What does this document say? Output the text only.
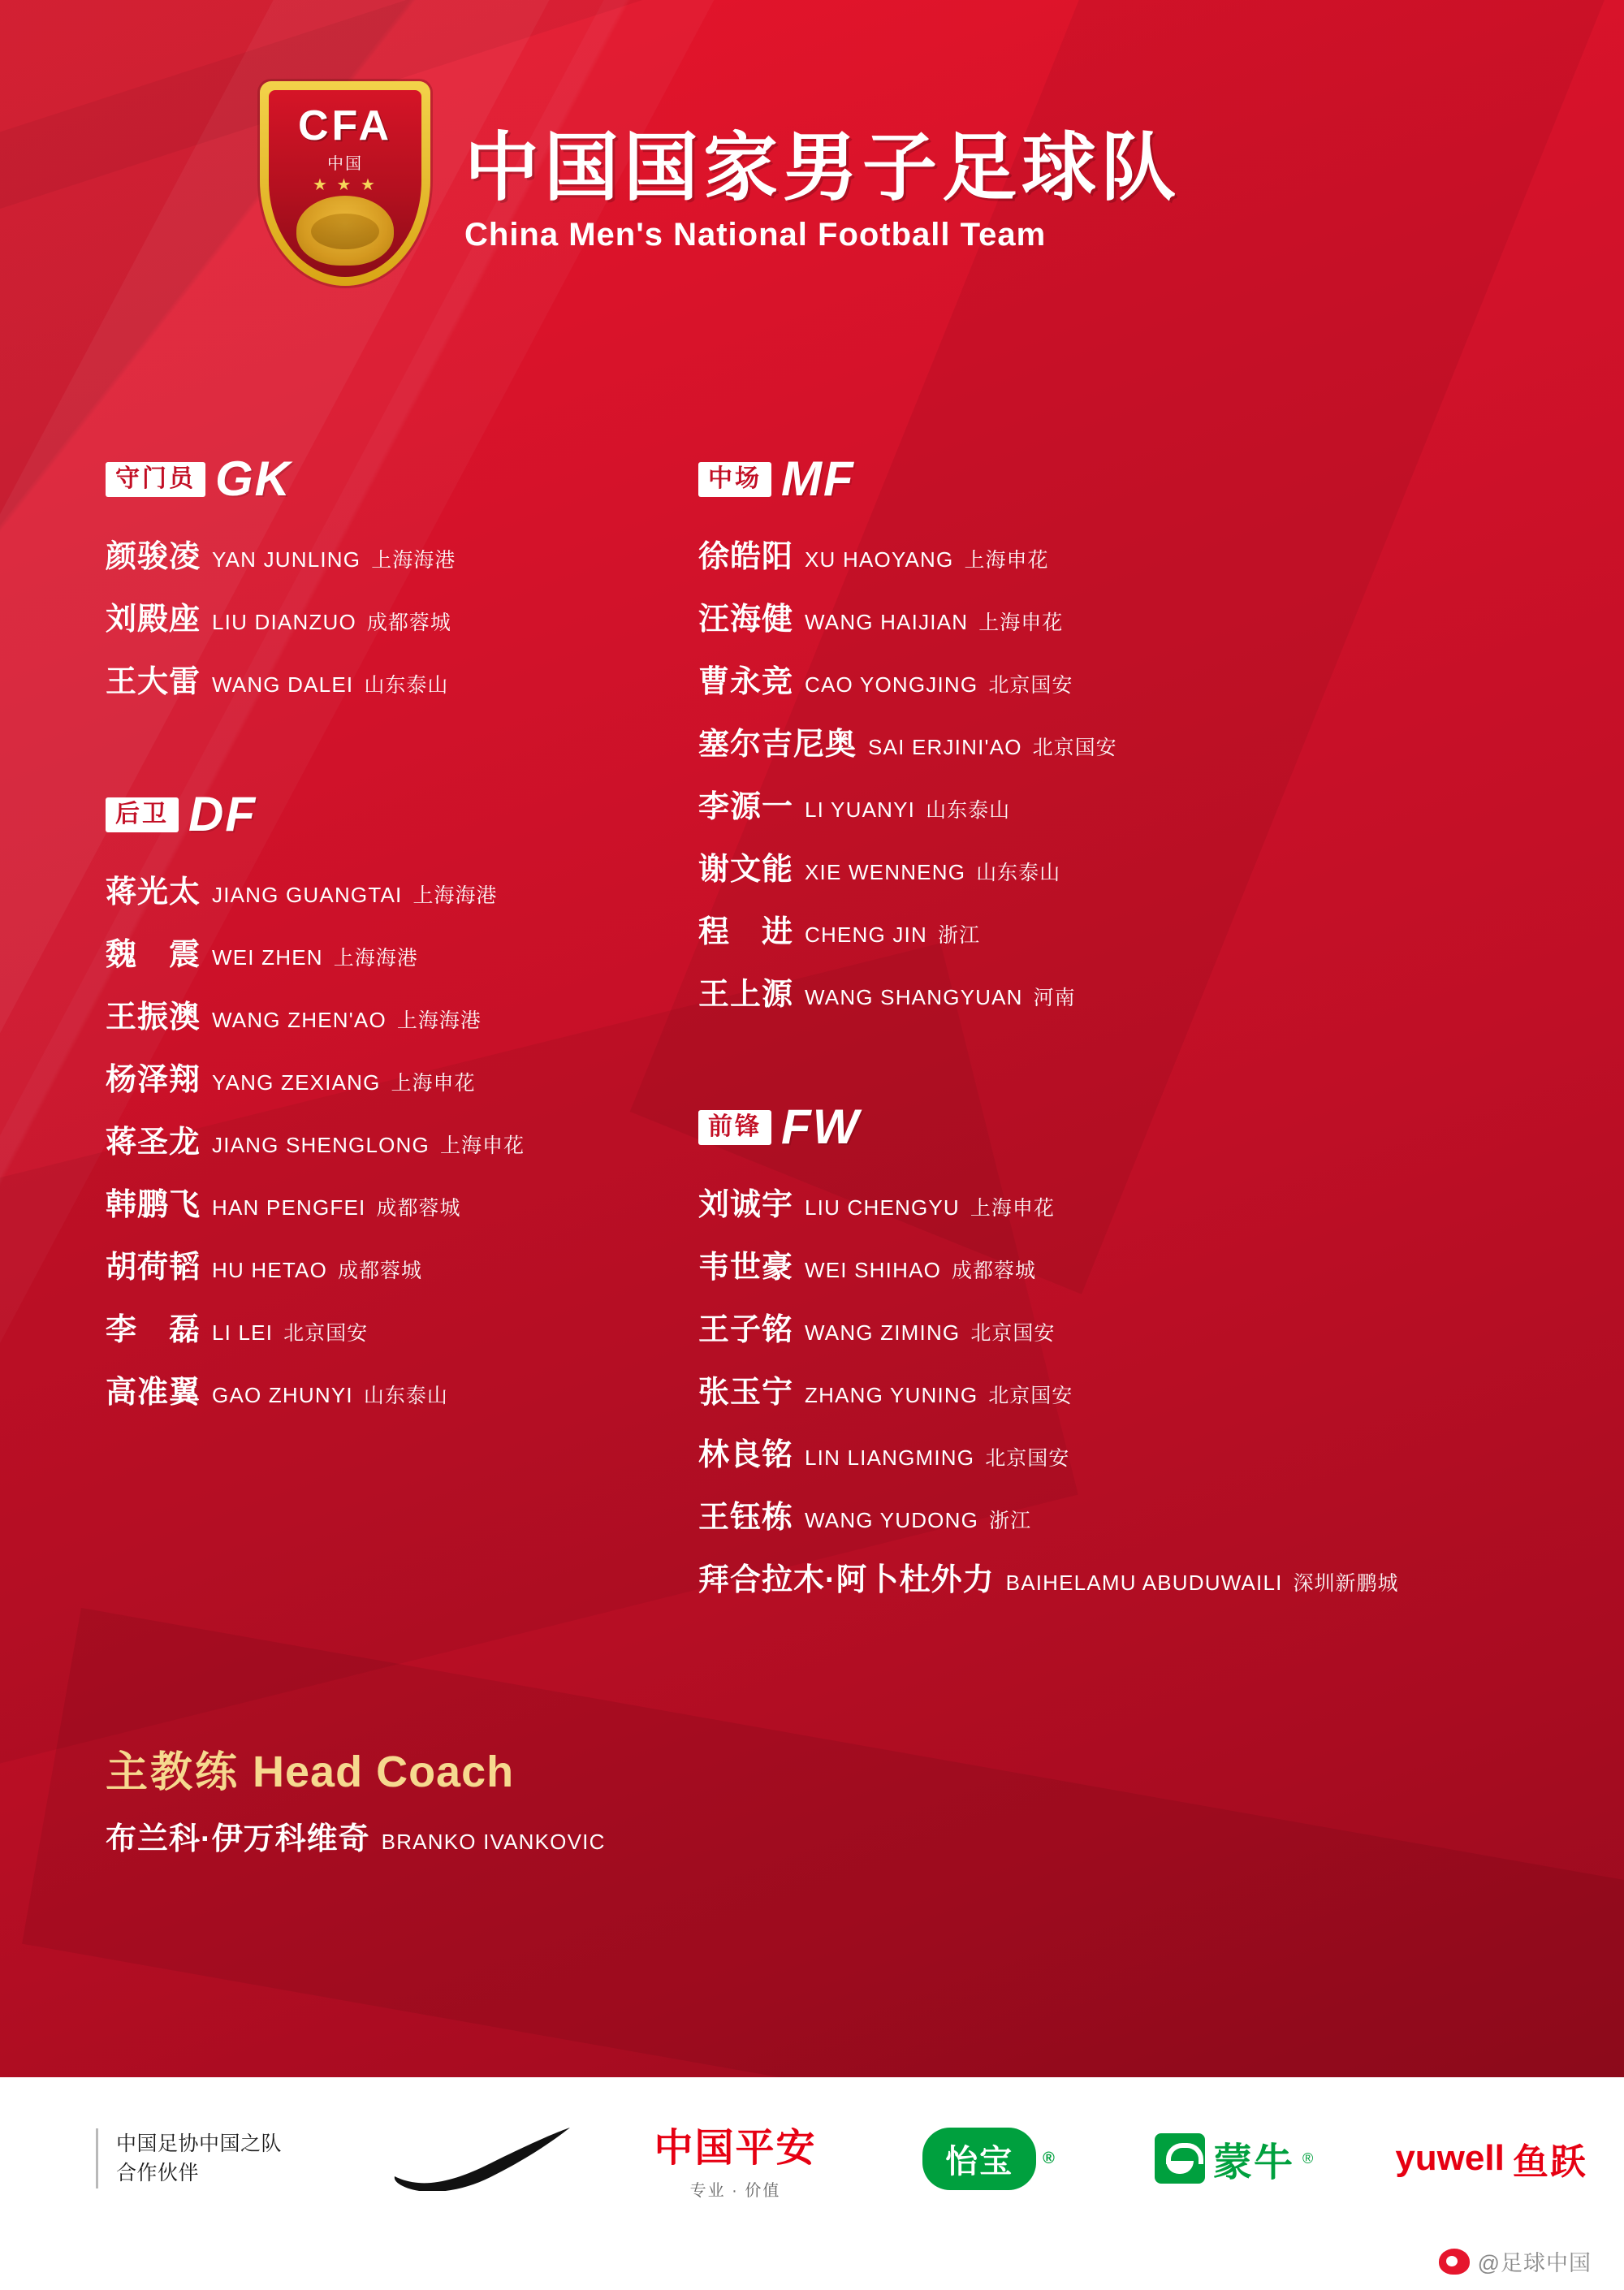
CFA
中国
★ ★ ★	中国国家男子足球队
China Men's National Football Team
守门员 GK
颜骏凌 YAN JUNLING 上海海港
刘殿座 LIU DIANZUO 成都蓉城
王大雷 WANG DALEI 山东泰山
后卫 DF
蒋光太 JIANG GUANGTAI 上海海港
魏　震 WEI ZHEN 上海海港
王振澳 WANG ZHEN'AO 上海海港
杨泽翔 YANG ZEXIANG 上海申花
蒋圣龙 JIANG SHENGLONG 上海申花
韩鹏飞 HAN PENGFEI 成都蓉城
胡荷韬 HU HETAO 成都蓉城
李　磊 LI LEI 北京国安
高准翼 GAO ZHUNYI 山东泰山
中场 MF
徐皓阳 XU HAOYANG 上海申花
汪海健 WANG HAIJIAN 上海申花
曹永竞 CAO YONGJING 北京国安
塞尔吉尼奥 SAI ERJINI'AO 北京国安
李源一 LI YUANYI 山东泰山
谢文能 XIE WENNENG 山东泰山
程　进 CHENG JIN 浙江
王上源 WANG SHANGYUAN 河南
前锋 FW
刘诚宇 LIU CHENGYU 上海申花
韦世豪 WEI SHIHAO 成都蓉城
王子铭 WANG ZIMING 北京国安
张玉宁 ZHANG YUNING 北京国安
林良铭 LIN LIANGMING 北京国安
王钰栋 WANG YUDONG 浙江
拜合拉木·阿卜杜外力 BAIHELAMU ABUDUWAILI 深圳新鹏城
主教练 Head Coach
布兰科·伊万科维奇 BRANKO IVANKOVIC
中国足协中国之队
合作伙伴
中国平安
专业 · 价值
怡宝 ®	蒙牛 ® yuwell 鱼跃
@足球中国
